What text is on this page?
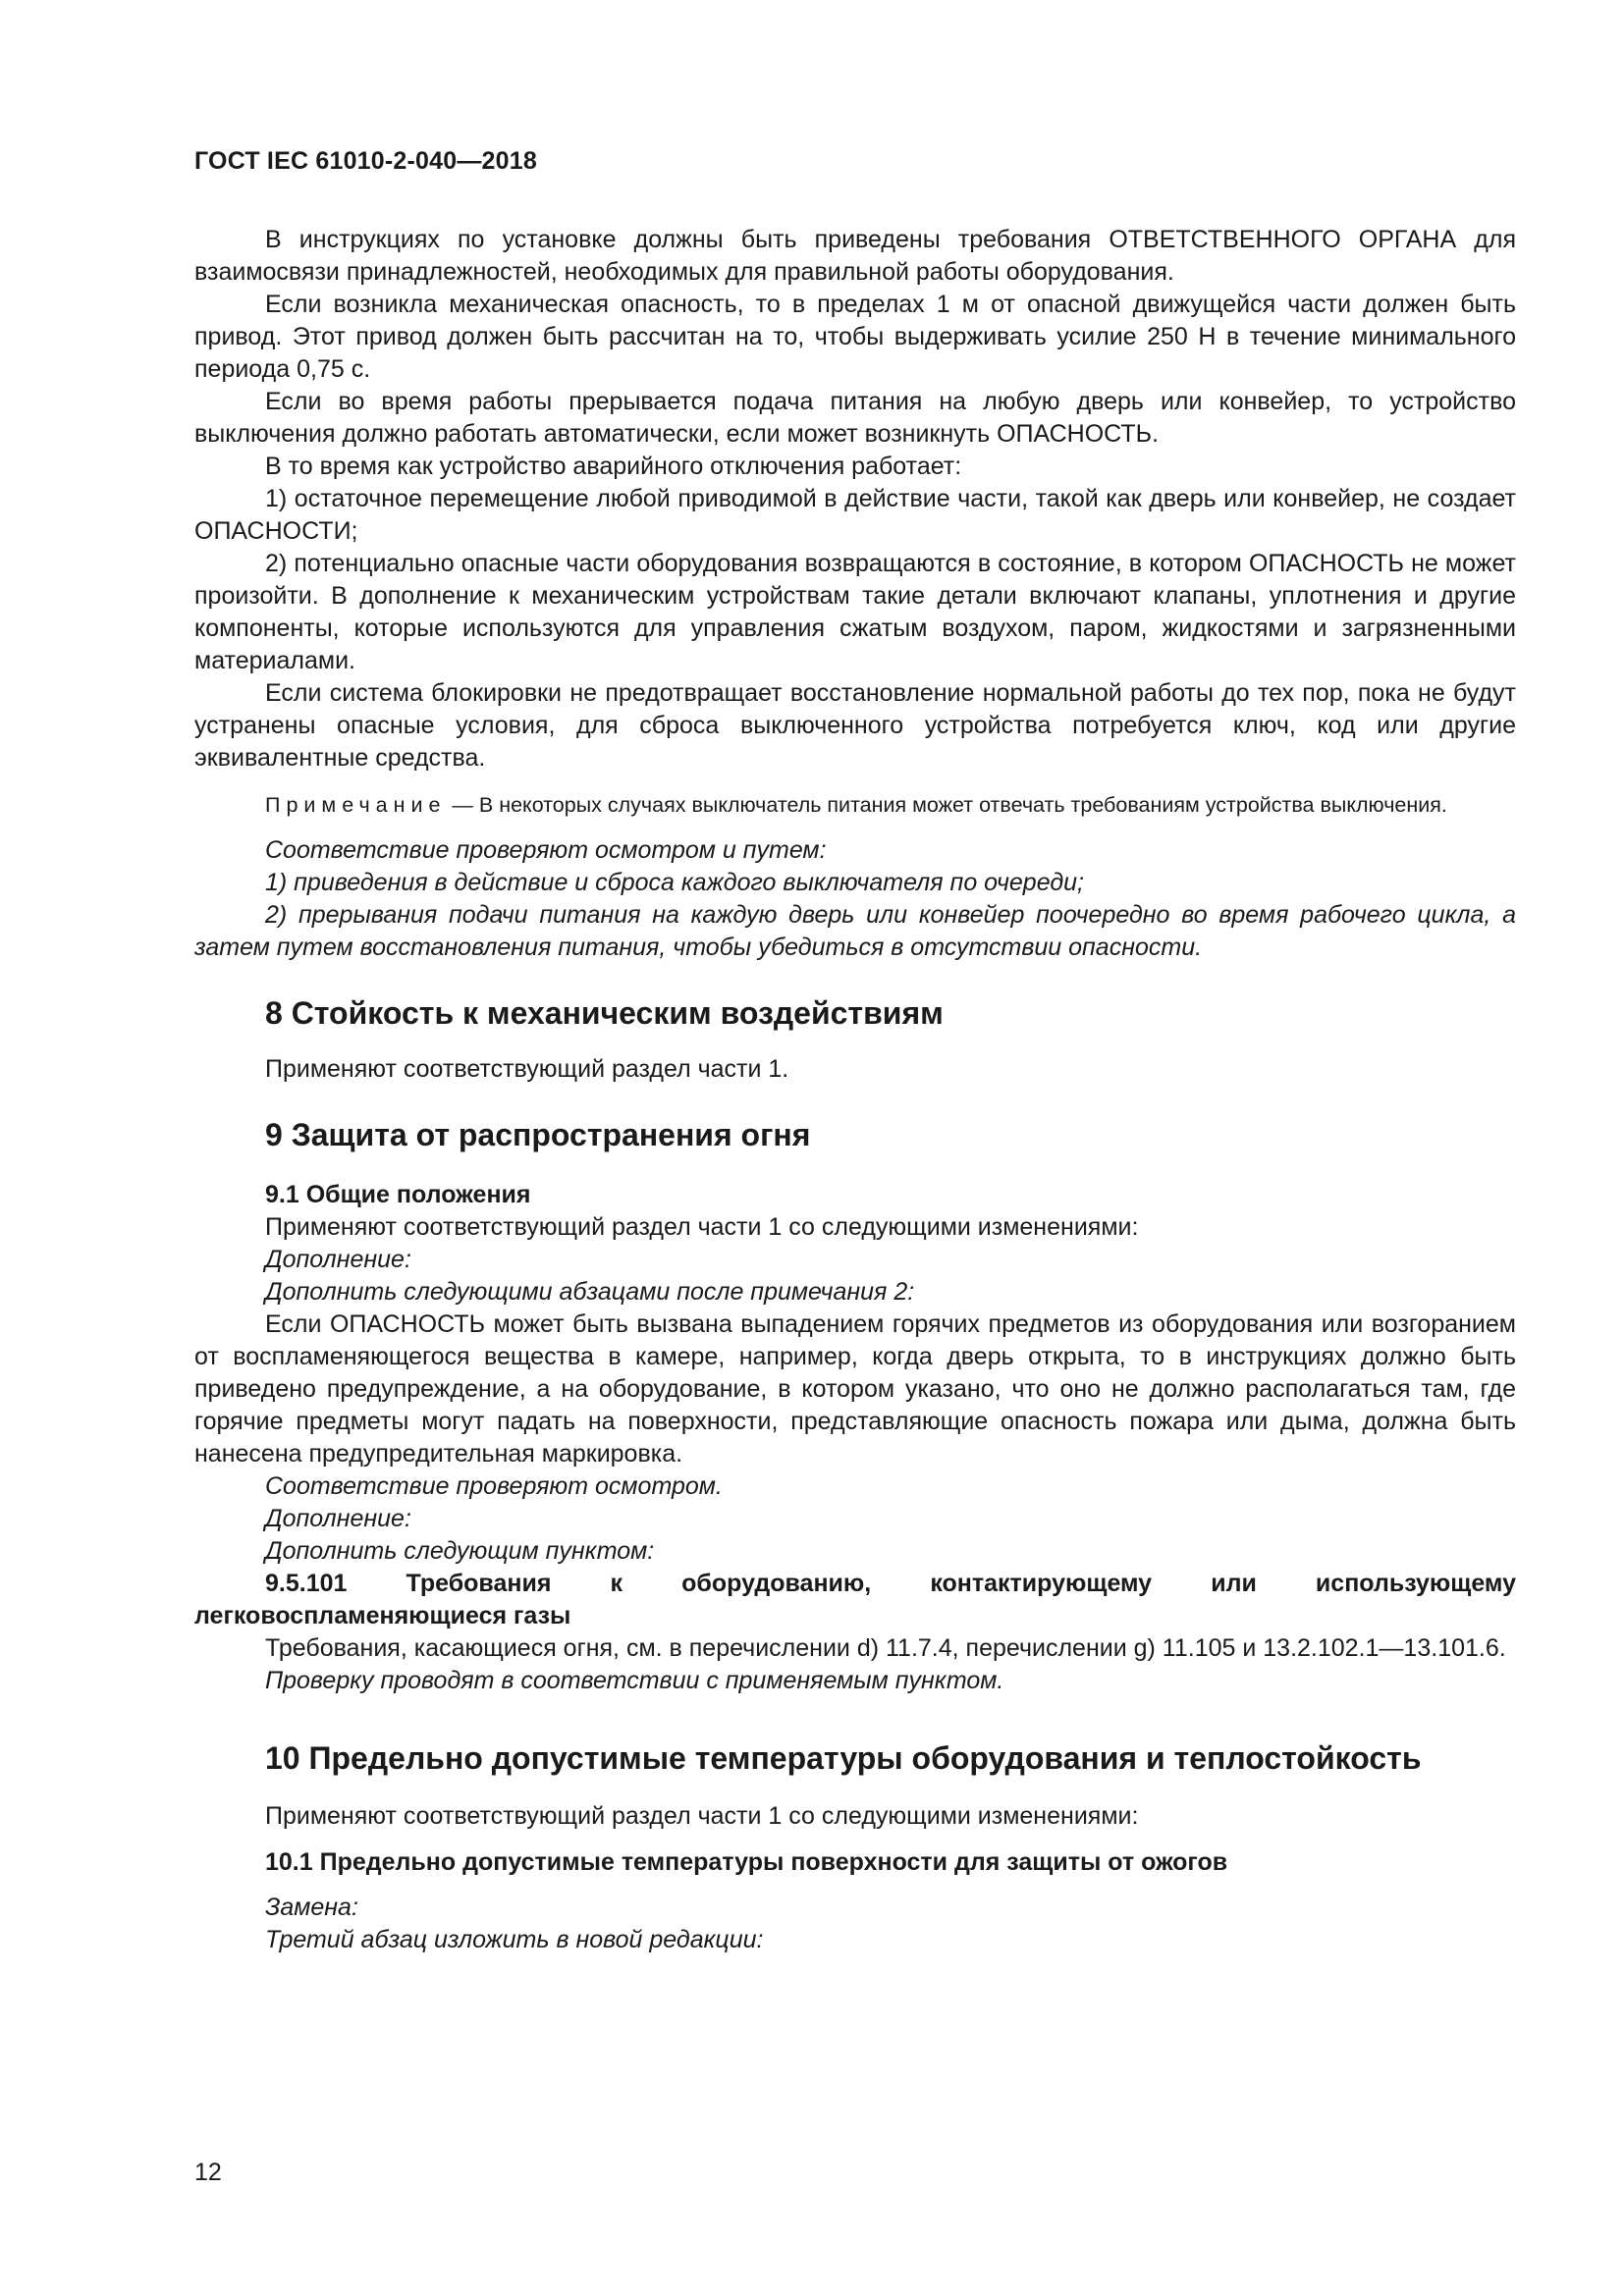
ГОСТ IEC 61010-2-040—2018

В инструкциях по установке должны быть приведены требования ОТВЕТСТВЕННОГО ОРГАНА для взаимосвязи принадлежностей, необходимых для правильной работы оборудования.

Если возникла механическая опасность, то в пределах 1 м от опасной движущейся части должен быть привод. Этот привод должен быть рассчитан на то, чтобы выдерживать усилие 250 Н в течение минимального периода 0,75 с.

Если во время работы прерывается подача питания на любую дверь или конвейер, то устройство выключения должно работать автоматически, если может возникнуть ОПАСНОСТЬ.

В то время как устройство аварийного отключения работает:

1) остаточное перемещение любой приводимой в действие части, такой как дверь или конвейер, не создает ОПАСНОСТИ;

2) потенциально опасные части оборудования возвращаются в состояние, в котором ОПАСНОСТЬ не может произойти. В дополнение к механическим устройствам такие детали включают клапаны, уплотнения и другие компоненты, которые используются для управления сжатым воздухом, паром, жидкостями и загрязненными материалами.

Если система блокировки не предотвращает восстановление нормальной работы до тех пор, пока не будут устранены опасные условия, для сброса выключенного устройства потребуется ключ, код или другие эквивалентные средства.

Примечание — В некоторых случаях выключатель питания может отвечать требованиям устройства выключения.

Соответствие проверяют осмотром и путем:

1) приведения в действие и сброса каждого выключателя по очереди;

2) прерывания подачи питания на каждую дверь или конвейер поочередно во время рабочего цикла, а затем путем восстановления питания, чтобы убедиться в отсутствии опасности.

8 Стойкость к механическим воздействиям

Применяют соответствующий раздел части 1.

9 Защита от распространения огня
9.1 Общие положения

Применяют соответствующий раздел части 1 со следующими изменениями:

Дополнение:

Дополнить следующими абзацами после примечания 2:

Если ОПАСНОСТЬ может быть вызвана выпадением горячих предметов из оборудования или возгоранием от воспламеняющегося вещества в камере, например, когда дверь открыта, то в инструкциях должно быть приведено предупреждение, а на оборудование, в котором указано, что оно не должно располагаться там, где горячие предметы могут падать на поверхности, представляющие опасность пожара или дыма, должна быть нанесена предупредительная маркировка.

Соответствие проверяют осмотром.

Дополнение:

Дополнить следующим пунктом:

9.5.101 Требования к оборудованию, контактирующему или использующему легковоспламеняющиеся газы

Требования, касающиеся огня, см. в перечислении d) 11.7.4, перечислении g) 11.105 и 13.2.102.1—13.101.6.

Проверку проводят в соответствии с применяемым пунктом.

10 Предельно допустимые температуры оборудования и теплостойкость

Применяют соответствующий раздел части 1 со следующими изменениями:

10.1 Предельно допустимые температуры поверхности для защиты от ожогов

Замена:

Третий абзац изложить в новой редакции:

12
